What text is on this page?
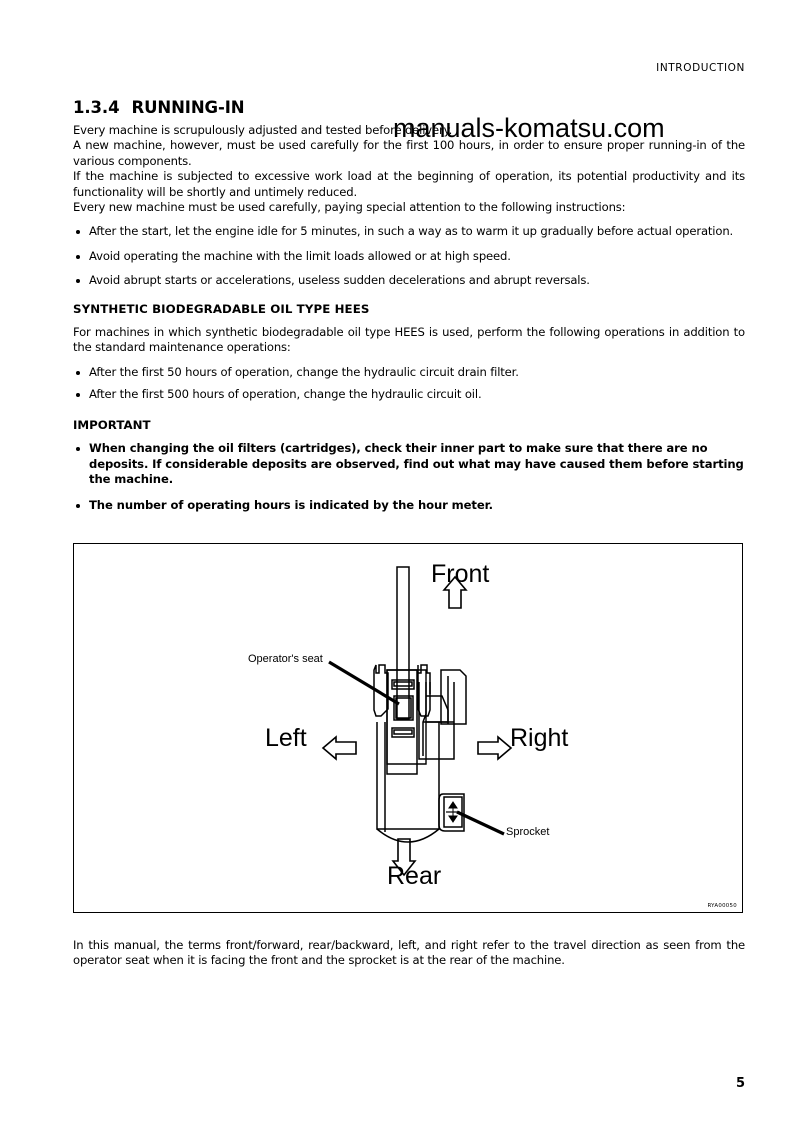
INTRODUCTION
manuals-komatsu.com
1.3.4 RUNNING-IN

Every machine is scrupulously adjusted and tested before delivery.

A new machine, however, must be used carefully for the first 100 hours, in order to ensure proper running-in of the various components.

If the machine is subjected to excessive work load at the beginning of operation, its potential productivity and its functionality will be shortly and untimely reduced.

Every new machine must be used carefully, paying special attention to the following instructions:

After the start, let the engine idle for 5 minutes, in such a way as to warm it up gradually before actual operation.
Avoid operating the machine with the limit loads allowed or at high speed.
Avoid abrupt starts or accelerations, useless sudden decelerations and abrupt reversals.
SYNTHETIC BIODEGRADABLE OIL TYPE HEES

For machines in which synthetic biodegradable oil type HEES is used, perform the following operations in addition to the standard maintenance operations:

After the first 50 hours of operation, change the hydraulic circuit drain filter.
After the first 500 hours of operation, change the hydraulic circuit oil.
IMPORTANT
When changing the oil filters (cartridges), check their inner part to make sure that there are no deposits. If considerable deposits are observed, find out what may have caused them before starting the machine.
The number of operating hours is indicated by the hour meter.
Front
Rear
Left	Right
Operator's seat
Sprocket
RYA00050

In this manual, the terms front/forward, rear/backward, left, and right refer to the travel direction as seen from the operator seat when it is facing the front and the sprocket is at the rear of the machine.

5
